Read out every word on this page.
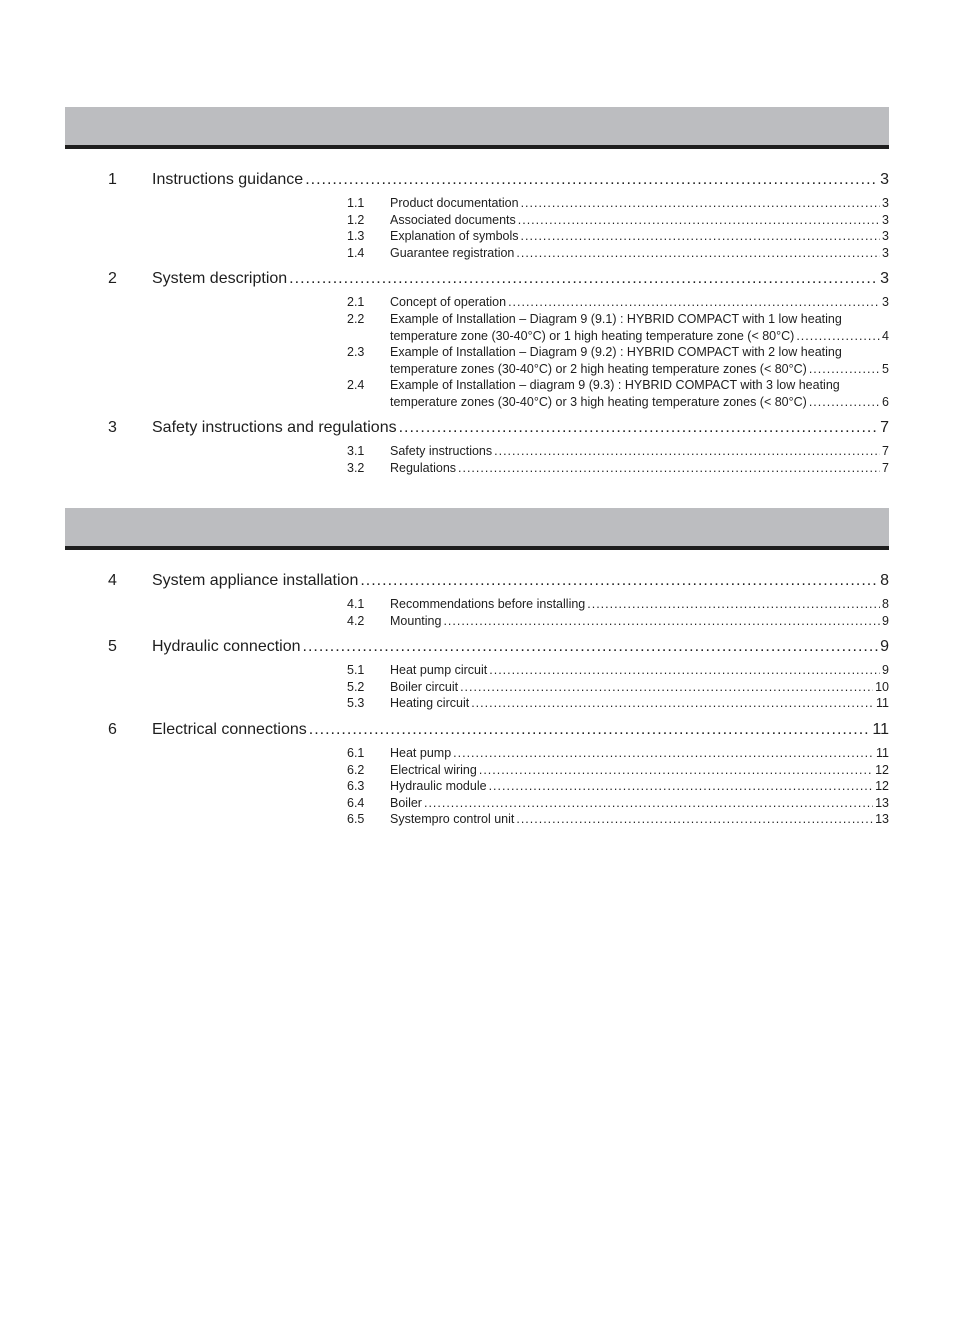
1 Instructions guidance .....	3
1.1 Product documentation .....	3
1.2 Associated documents .....	3
1.3 Explanation of symbols .....	3
1.4 Guarantee registration .....	3
2 System description .....	3
2.1 Concept of operation .....	3
2.2 Example of Installation – Diagram 9 (9.1) : HYBRID COMPACT with 1 low heating
temperature zone (30-40°C) or 1 high heating temperature zone (< 80°C) .....	4
2.3 Example of Installation – Diagram 9 (9.2) : HYBRID COMPACT with 2 low heating
temperature zones (30-40°C) or 2 high heating temperature zones (< 80°C) .....	5
2.4 Example of Installation – diagram 9 (9.3) : HYBRID COMPACT with 3 low heating
temperature zones (30-40°C) or 3 high heating temperature zones (< 80°C) .....	6
3 Safety instructions and regulations .....	7
3.1 Safety instructions .....	7
3.2 Regulations .....	7
4 System appliance installation .....	8
4.1 Recommendations before installing .....	8
4.2 Mounting .....	9
5 Hydraulic connection .....	9
5.1 Heat pump circuit .....	9
5.2 Boiler circuit .....	10
5.3 Heating circuit .....	11
6 Electrical connections .....	11
6.1 Heat pump .....	11
6.2 Electrical wiring .....	12
6.3 Hydraulic module .....	12
6.4 Boiler .....	13
6.5 Systempro control unit .....	13
